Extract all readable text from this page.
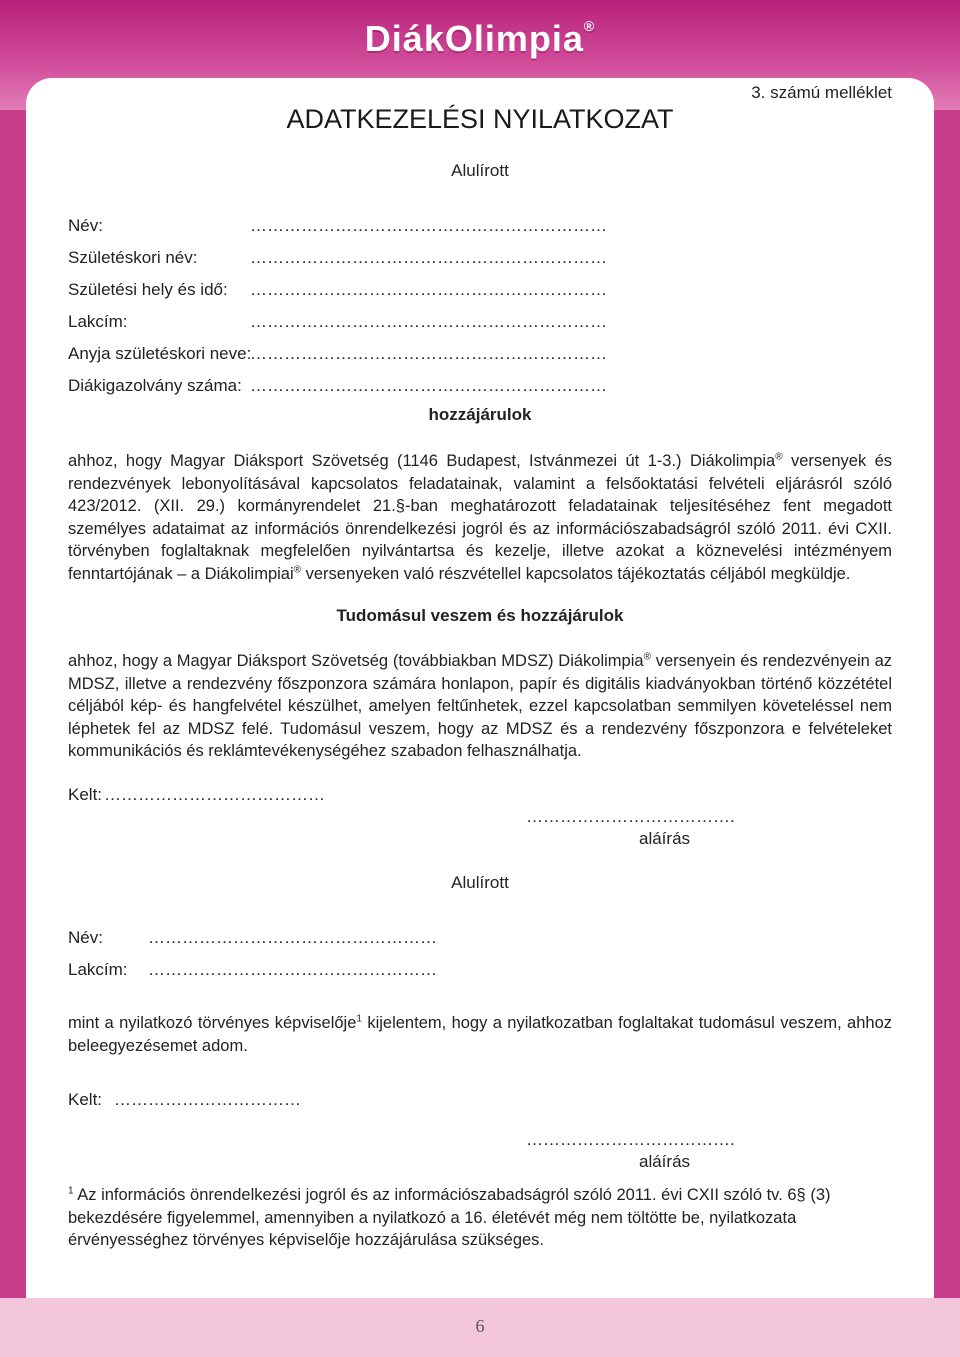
DiákOlimpia®
6
3. számú melléklet
ADATKEZELÉSI NYILATKOZAT
Alulírott
Név:	………………………………………………………
Születéskori név:	………………………………………………………
Születési hely és idő: ………………………………………………………
Lakcím:	………………………………………………………
Anyja születéskori neve:
………………………………………………………
Diákigazolvány száma: ………………………………………………………
hozzájárulok
ahhoz, hogy Magyar Diáksport Szövetség (1146 Budapest, Istvánmezei út 1-3.) Diákolimpia® versenyek és rendezvények lebonyolításával kapcsolatos feladatainak, valamint a felsőoktatási felvételi eljárásról szóló 423/2012. (XII. 29.) kormányrendelet 21.§-ban meghatározott feladatainak teljesítéséhez fent megadott személyes adataimat az információs önrendelkezési jogról és az információszabadságról szóló 2011. évi CXII. törvényben foglaltaknak megfelelően nyilvántartsa és kezelje, illetve azokat a köznevelési intézményem fenntartójának – a Diákolimpiai® versenyeken való részvétellel kapcsolatos tájékoztatás céljából megküldje.
Tudomásul veszem és hozzájárulok
ahhoz, hogy a Magyar Diáksport Szövetség (továbbiakban MDSZ) Diákolimpia® versenyein és rendezvényein az MDSZ, illetve a rendezvény főszponzora számára honlapon, papír és digitális kiadványokban történő közzététel céljából kép- és hangfelvétel készülhet, amelyen feltűnhetek, ezzel kapcsolatban semmilyen követeléssel nem léphetek fel az MDSZ felé. Tudomásul veszem, hogy az MDSZ és a rendezvény főszponzora e felvételeket kommunikációs és reklámtevékenységéhez szabadon felhasználhatja.
Kelt: …………………………………
……………………………….
aláírás
Alulírott
Név:	……………………………………………
Lakcím: ……………………………………………
mint a nyilatkozó törvényes képviselője$^1$ kijelentem, hogy a nyilatkozatban foglaltakat tudomásul veszem, ahhoz beleegyezésemet adom.
Kelt: ……………………………
……………………………….
aláírás
$^1$ Az információs önrendelkezési jogról és az információszabadságról szóló 2011. évi CXII szóló tv. 6§ (3) bekezdésére figyelemmel, amennyiben a nyilatkozó a 16. életévét még nem töltötte be, nyilatkozata érvényességhez törvényes képviselője hozzájárulása szükséges.
